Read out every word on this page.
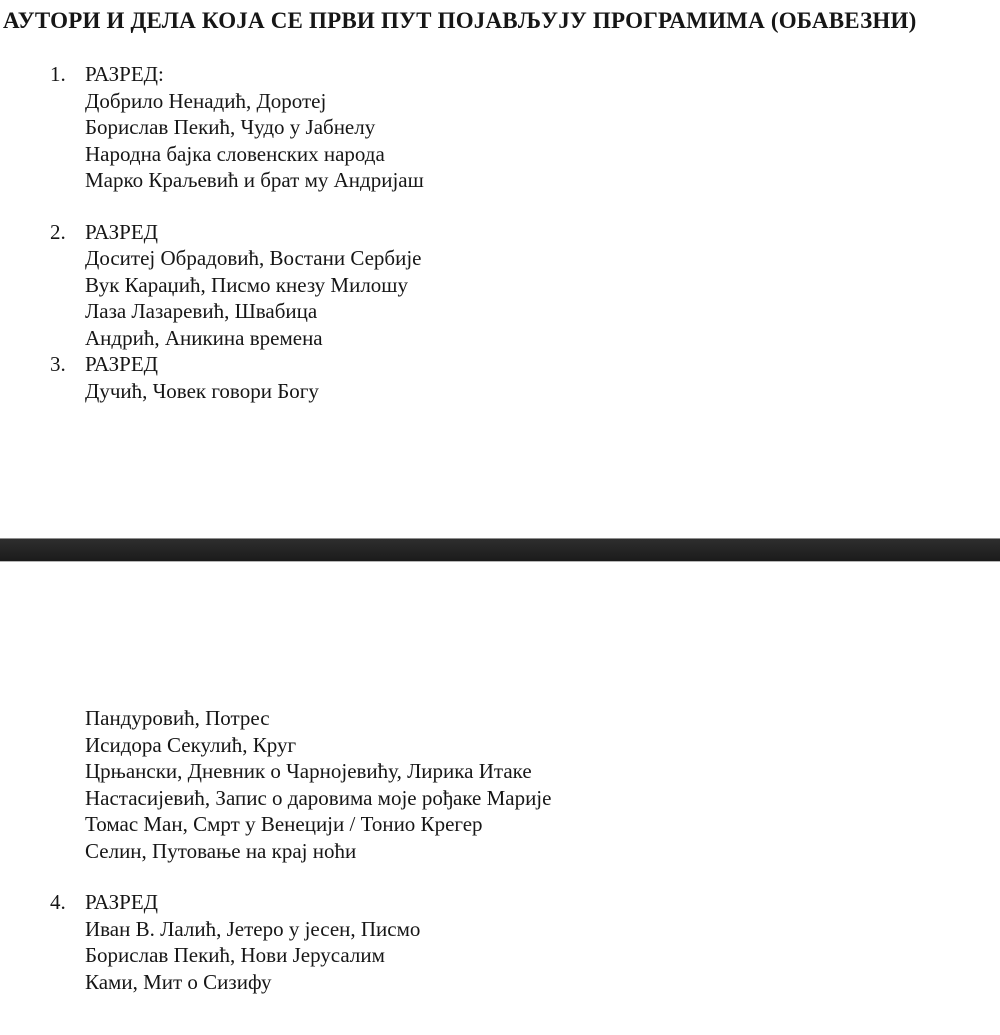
АУТОРИ И ДЕЛА КОЈА СЕ ПРВИ ПУТ ПОЈАВЉУЈУ ПРОГРАМИМА (ОБАВЕЗНИ)
1. РАЗРЕД:
Добрило Ненадић, Доротеј
Борислав Пекић, Чудо у Јабнелу
Народна бајка словенских народа
Марко Краљевић и брат му Андријаш
2. РАЗРЕД
Доситеј Обрадовић, Востани Сербије
Вук Караџић, Писмо кнезу Милошу
Лаза Лазаревић, Швабица
Андрић, Аникина времена
3. РАЗРЕД
Дучић, Човек говори Богу
Пандуровић, Потрес
Исидора Секулић, Круг
Црњански, Дневник о Чарнојевићу, Лирика Итаке
Настасијевић, Запис о даровима моје рођаке Марије
Томас Ман, Смрт у Венецији / Тонио Крегер
Селин, Путовање на крај ноћи
4. РАЗРЕД
Иван В. Лалић, Јетеро у јесен, Писмо
Борислав Пекић, Нови Јерусалим
Ками, Мит о Сизифу
